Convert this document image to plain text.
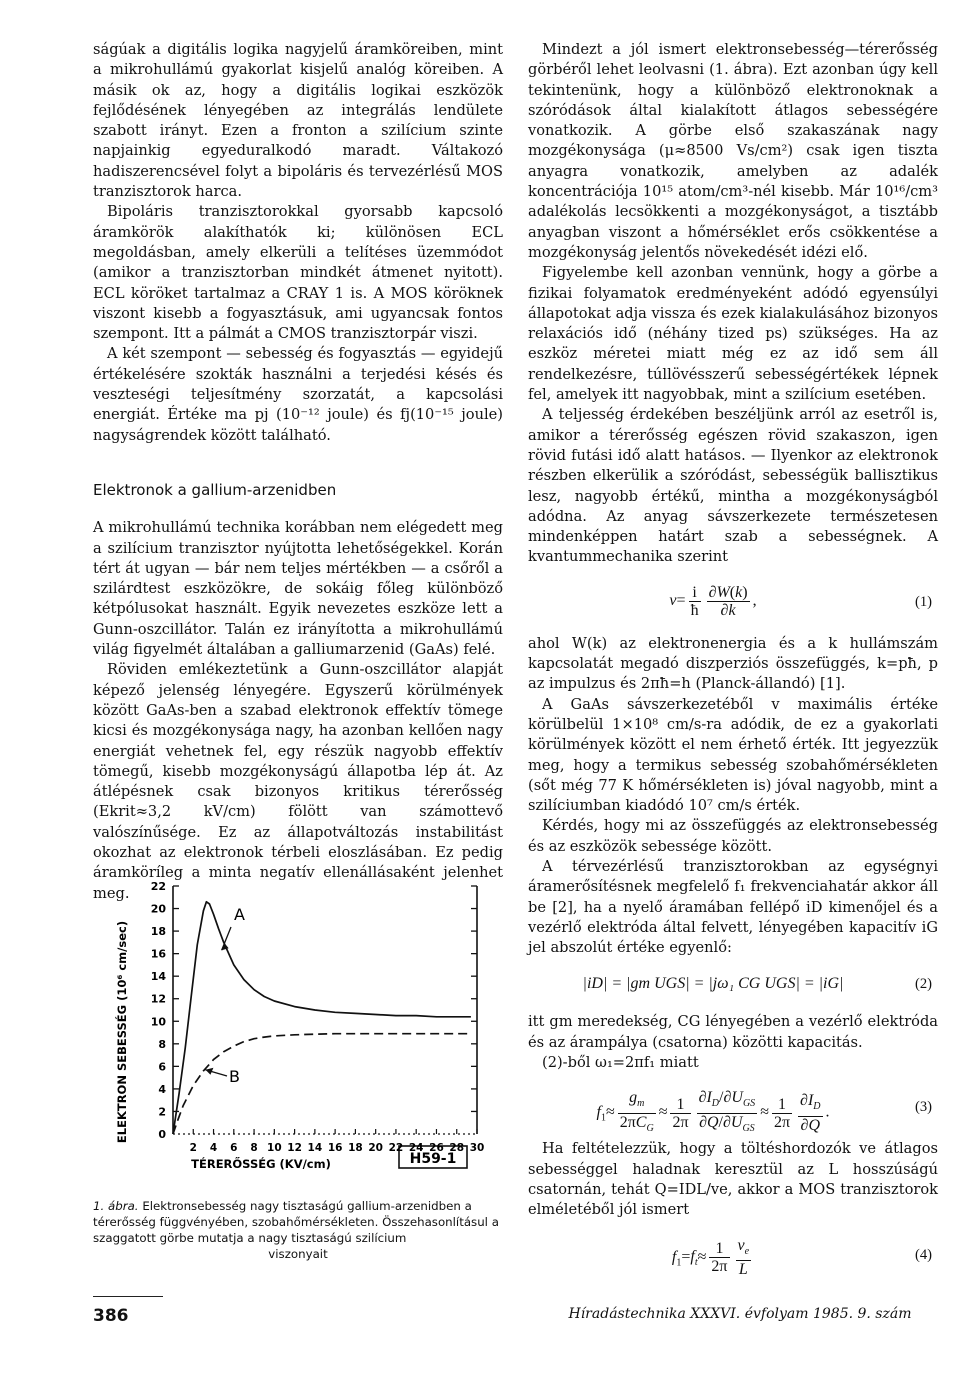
ságúak a digitális logika nagyjelű áramköreiben, mint a mikrohullámú gyakorlat kisjelű analóg köreiben. A másik ok az, hogy a digitális logikai eszközök fejlődésének lényegében az integrálás lendülete szabott irányt. Ezen a fronton a szilícium szinte napjainkig egyeduralkodó maradt. Váltakozó hadiszerencsével folyt a bipoláris és tervezérlésű MOS tranzisztorok harca.

Bipoláris tranzisztorokkal gyorsabb kapcsoló áramkörök alakíthatók ki; különösen ECL megoldásban, amely elkerüli a telítéses üzemmódot (amikor a tranzisztorban mindkét átmenet nyitott). ECL köröket tartalmaz a CRAY 1 is. A MOS köröknek viszont kisebb a fogyasztásuk, ami ugyancsak fontos szempont. Itt a pálmát a CMOS tranzisztorpár viszi.

A két szempont — sebesség és fogyasztás — egyidejű értékelésére szokták használni a terjedési késés és veszteségi teljesítmény szorzatát, a kapcsolási energiát. Értéke ma pj (10⁻¹² joule) és fj(10⁻¹⁵ joule) nagyságrendek között található.

Elektronok a gallium-arzenidben

A mikrohullámú technika korábban nem elégedett meg a szilícium tranzisztor nyújtotta lehetőségekkel. Korán tért át ugyan — bár nem teljes mértékben — a csőről a szilárdtest eszközökre, de sokáig főleg különböző kétpólusokat használt. Egyik nevezetes eszköze lett a Gunn-oszcillátor. Talán ez irányította a mikrohullámú világ figyelmét általában a galliumarzenid (GaAs) felé.

Röviden emlékeztetünk a Gunn-oszcillátor alapját képező jelenség lényegére. Egyszerű körülmények között GaAs-ben a szabad elektronok effektív tömege kicsi és mozgékonysága nagy, ha azonban kellően nagy energiát vehetnek fel, egy részük nagyobb effektív tömegű, kisebb mozgékonyságú állapotba lép át. Az átlépésnek csak bizonyos kritikus térerősség (Ekrit≈3,2 kV/cm) fölött van számottevő valószínűsége. Ez az állapotváltozás instabilitást okozhat az elektronok térbeli eloszlásában. Ez pedig áramköríleg a minta negatív ellenállásaként jelenhet meg.

ELEKTRON SEBESSÉG (10⁶ cm/sec)
TÉRERŐSSÉG (KV/cm)
A
B
H59-1
0
2
4
6
8
10
12
14
16
18
20
22
2 4 6 8 10 12 14 16 18 20 22 24 26 28 30
1. ábra. Elektronsebesség nagy tisztaságú gallium-arzenidben a térerősség függvényében, szobahőmérsékleten. Összehasonlításul a szaggatott görbe mutatja a nagy tisztaságú szilícium
viszonyait

Mindezt a jól ismert elektronsebesség—térerősség görbéről lehet leolvasni (1. ábra). Ezt azonban úgy kell tekintenünk, hogy a különböző elektronoknak a szóródások által kialakított átlagos sebességére vonatkozik. A görbe első szakaszának nagy mozgékonysága (μ≈8500 Vs/cm²) csak igen tiszta anyagra vonatkozik, amelyben az adalék koncentrációja 10¹⁵ atom/cm³-nél kisebb. Már 10¹⁶/cm³ adalékolás lecsökkenti a mozgékonyságot, a tisztább anyagban viszont a hőmérséklet erős csökkentése a mozgékonyság jelentős növekedését idézi elő.

Figyelembe kell azonban vennünk, hogy a görbe a fizikai folyamatok eredményeként adódó egyensúlyi állapotokat adja vissza és ezek kialakulásához bizonyos relaxációs idő (néhány tized ps) szükséges. Ha az eszköz méretei miatt még ez az idő sem áll rendelkezésre, túllövésszerű sebességértékek lépnek fel, amelyek itt nagyobbak, mint a szilícium esetében.

A teljesség érdekében beszéljünk arról az esetről is, amikor a térerősség egészen rövid szakaszon, igen rövid futási idő alatt hatásos. — Ilyenkor az elektronok részben elkerülik a szóródást, sebességük ballisztikus lesz, nagyobb értékű, mintha a mozgékonyságból adódna. Az anyag sávszerkezete természetesen mindenképpen határt szab a sebességnek. A kvantummechanika szerint

$v= \frac{i}{ħ} \frac{\partial W(k)}{\partial k}$ ,	(1)

ahol W(k) az elektronenergia és a k hullámszám kapcsolatát megadó diszperziós összefüggés, k=pħ, p az impulzus és 2πħ=h (Planck-állandó) [1].

A GaAs sávszerkezetéből v maximális értéke körülbelül 1×10⁸ cm/s-ra adódik, de ez a gyakorlati körülmények között el nem érhető érték. Itt jegyezzük meg, hogy a termikus sebesség szobahőmérsékleten (sőt még 77 K hőmérsékleten is) jóval nagyobb, mint a szilíciumban kiadódó 10⁷ cm/s érték.

Kérdés, hogy mi az összefüggés az elektronsebesség és az eszközök sebessége között.

A térvezérlésű tranzisztorokban az egységnyi áramerősítésnek megfelelő f₁ frekvenciahatár akkor áll be [2], ha a nyelő áramában fellépő iD kimenőjel és a vezérlő elektróda által felvett, lényegében kapacitív iG jel abszolút értéke egyenlő:

|iD| = |gm UGS| = |jω₁ CG UGS| = |iG|	(2)

itt gm meredekség, CG lényegében a vezérlő elektróda és az árampálya (csatorna) közötti kapacitás.

(2)-ből ω₁=2πf₁ miatt

$f_1\approx \frac{g_m}{2\pi C_G} \approx \frac{1}{2\pi} \frac{\partial I_D/\partial U_{GS}}{\partial Q/\partial U_{GS}} \approx \frac{1}{2\pi} \frac{\partial I_D}{\partial Q}$ .	(3)

Ha feltételezzük, hogy a töltéshordozók ve átlagos sebességgel haladnak keresztül az L hosszúságú csatornán, tehát Q=IDL/ve, akkor a MOS tranzisztorok elméletéből jól ismert

$f_1=f_t\approx \frac{1}{2\pi} \frac{v_e}{L}$	(4)
386	Híradástechnika XXXVI. évfolyam 1985. 9. szám
